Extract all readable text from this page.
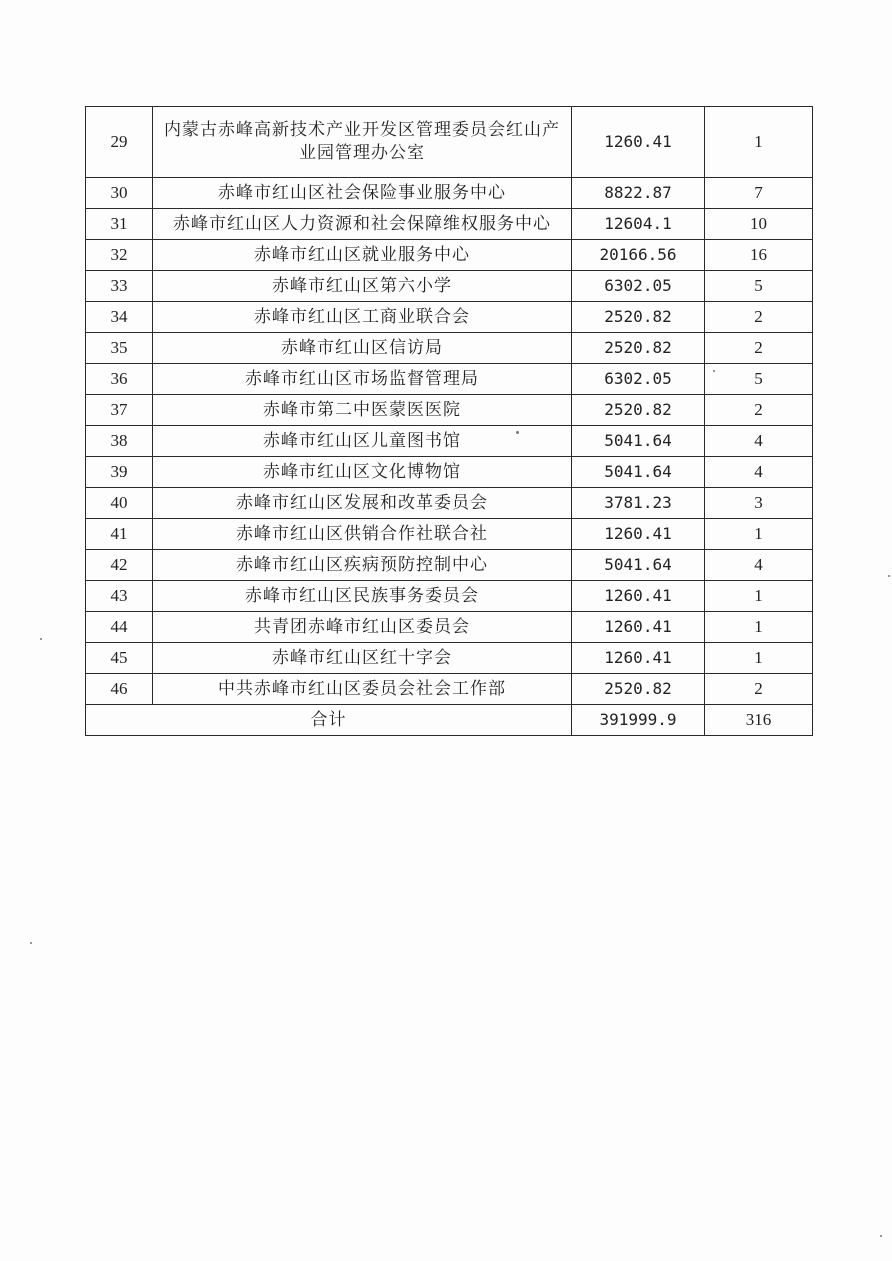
29	内蒙古赤峰高新技术产业开发区管理委员会红山产业园管理办公室	1260.41	1
30	赤峰市红山区社会保险事业服务中心	8822.87	7
31	赤峰市红山区人力资源和社会保障维权服务中心	12604.1	10
32	赤峰市红山区就业服务中心	20166.56	16
33	赤峰市红山区第六小学	6302.05	5
34	赤峰市红山区工商业联合会	2520.82	2
35	赤峰市红山区信访局	2520.82	2
36	赤峰市红山区市场监督管理局	6302.05	5
37	赤峰市第二中医蒙医医院	2520.82	2
38	赤峰市红山区儿童图书馆	5041.64	4
39	赤峰市红山区文化博物馆	5041.64	4
40	赤峰市红山区发展和改革委员会	3781.23	3
41	赤峰市红山区供销合作社联合社	1260.41	1
42	赤峰市红山区疾病预防控制中心	5041.64	4
43	赤峰市红山区民族事务委员会	1260.41	1
44	共青团赤峰市红山区委员会	1260.41	1
45	赤峰市红山区红十字会	1260.41	1
46	中共赤峰市红山区委员会社会工作部	2520.82	2
合计		391999.9	316
